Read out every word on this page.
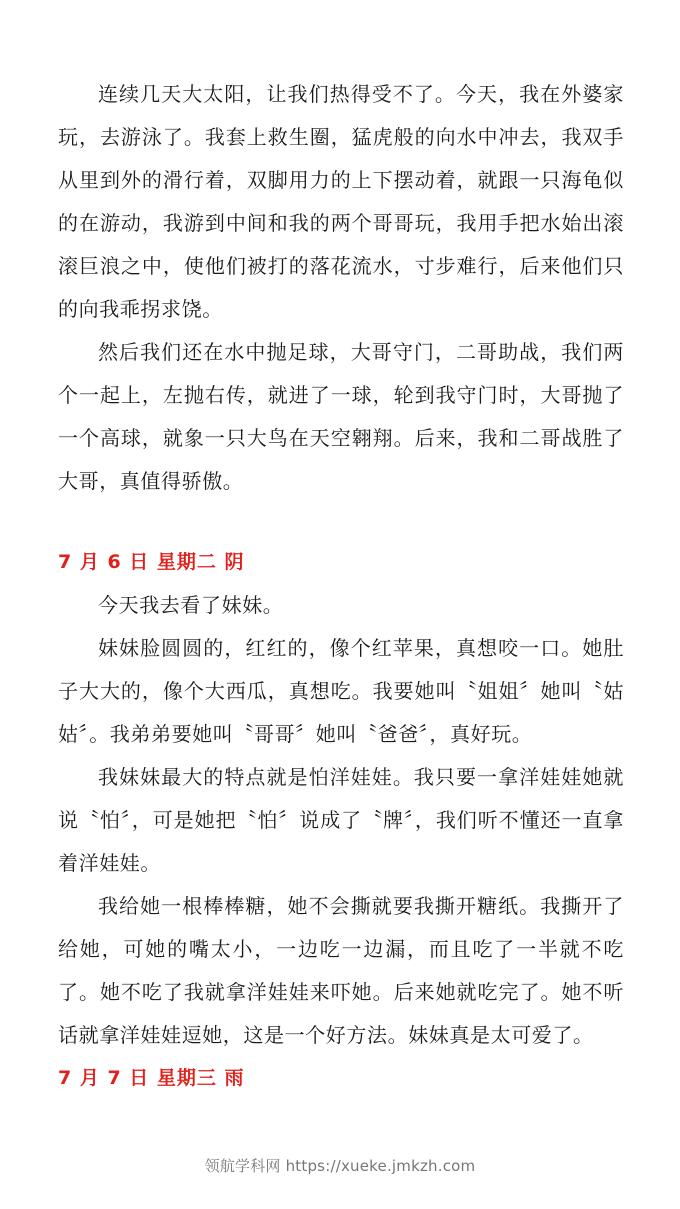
连续几天大太阳，让我们热得受不了。今天，我在外婆家玩，去游泳了。我套上救生圈，猛虎般的向水中冲去，我双手从里到外的滑行着，双脚用力的上下摆动着，就跟一只海龟似的在游动，我游到中间和我的两个哥哥玩，我用手把水始出滚滚巨浪之中，使他们被打的落花流水，寸步难行，后来他们只的向我乖拐求饶。

然后我们还在水中抛足球，大哥守门，二哥助战，我们两个一起上，左抛右传，就进了一球，轮到我守门时，大哥抛了一个高球，就象一只大鸟在天空翱翔。后来，我和二哥战胜了大哥，真值得骄傲。

7 月 6 日 星期二 阴

今天我去看了妹妹。

妹妹脸圆圆的，红红的，像个红苹果，真想咬一口。她肚子大大的，像个大西瓜，真想吃。我要她叫〝姐姐〞她叫〝姑姑〞。我弟弟要她叫〝哥哥〞她叫〝爸爸〞，真好玩。

我妹妹最大的特点就是怕洋娃娃。我只要一拿洋娃娃她就说〝怕〞，可是她把〝怕〞说成了〝牌〞，我们听不懂还一直拿着洋娃娃。

我给她一根棒棒糖，她不会撕就要我撕开糖纸。我撕开了给她，可她的嘴太小，一边吃一边漏，而且吃了一半就不吃了。她不吃了我就拿洋娃娃来吓她。后来她就吃完了。她不听话就拿洋娃娃逗她，这是一个好方法。妹妹真是太可爱了。

7 月 7 日 星期三 雨

领航学科网 https://xueke.jmkzh.com
